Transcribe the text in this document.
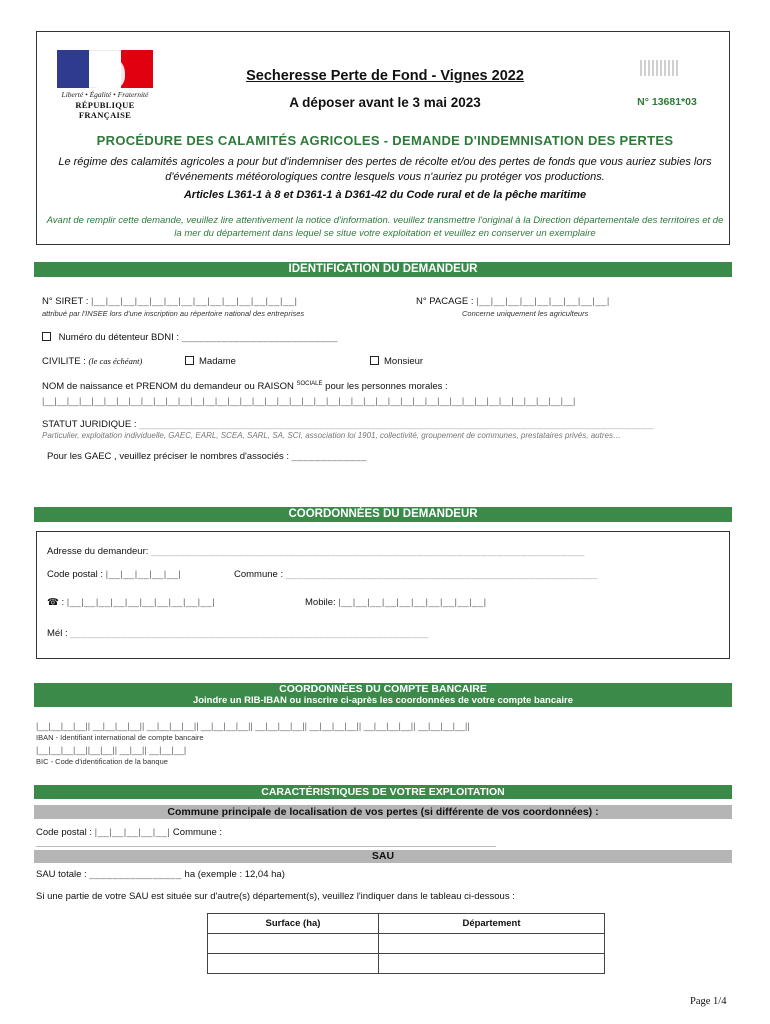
Liberté • Égalité • Fraternité
RÉPUBLIQUE FRANÇAISE
Secheresse Perte de Fond - Vignes 2022
A déposer avant le 3 mai 2023	N° 13681*03
PROCÉDURE DES CALAMITÉS AGRICOLES - DEMANDE D'INDEMNISATION DES PERTES
Le régime des calamités agricoles a pour but d'indemniser des pertes de récolte et/ou des pertes de fonds que vous auriez subies lors d'événements météorologiques contre lesquels vous n'auriez pu protéger vos productions.
Articles L361-1 à 8 et D361-1 à D361-42 du Code rural et de la pêche maritime
Avant de remplir cette demande, veuillez lire attentivement la notice d'information. veuillez transmettre l'original à la Direction départementale des territoires et de la mer du département dans lequel se situe votre exploitation et veuillez en conserver un exemplaire
IDENTIFICATION DU DEMANDEUR
N° SIRET : |__|__|__|__|__|__|__|__|__|__|__|__|__|__|
attribué par l'INSEE lors d'une inscription au répertoire national des entreprises
N° PACAGE : |__|__|__|__|__|__|__|__|__|
Concerne uniquement les agriculteurs
Numéro du détenteur BDNI : ___________________________
CIVILITE : (le cas échéant)	Madame	Monsieur
NOM de naissance et PRENOM du demandeur ou RAISON $^{SOCIALE}$ pour les personnes morales :
|__|__|__|__|__|__|__|__|__|__|__|__|__|__|__|__|__|__|__|__|__|__|__|__|__|__|__|__|__|__|__|__|__|__|__|__|__|__|__|__|__|__|__|
STATUT JURIDIQUE : _________________________________________________________________________________________
Particulier, exploitation individuelle, GAEC, EARL, SCEA, SARL, SA, SCI, association loi 1901, collectivité, groupement de communes, prestataires privés, autres…
Pour les GAEC , veuillez préciser le nombres d'associés : _____________
COORDONNÉES DU DEMANDEUR
Adresse du demandeur: ___________________________________________________________________________
Code postal : |__|__|__|__|__|	Commune : ______________________________________________________
☎ : |__|__|__|__|__|__|__|__|__|__|	Mobile: |__|__|__|__|__|__|__|__|__|__|
Mél : ______________________________________________________________
COORDONNÉES DU COMPTE BANCAIRE
Joindre un RIB-IBAN ou inscrire ci-après les coordonnées de votre compte bancaire
|__|__|__|__|| __|__|__|__|| __|__|__|__|| __|__|__|__|| __|__|__|__|| __|__|__|__|| __|__|__|__|| __|__|__|__||
IBAN - Identifiant international de compte bancaire
|__|__|__|__||__|__|| __|__|| __|__|__|
BIC - Code d'identification de la banque
CARACTÉRISTIQUES DE VOTRE EXPLOITATION
Commune principale de localisation de vos pertes (si différente de vos coordonnées) :
Code postal : |__|__|__|__|__| Commune :
SAU
SAU totale : ________________ ha (exemple : 12,04 ha)
Si une partie de votre SAU est située sur d'autre(s) département(s), veuillez l'indiquer dans le tableau ci-dessous :
Surface (ha)	Département

Page 1/4
